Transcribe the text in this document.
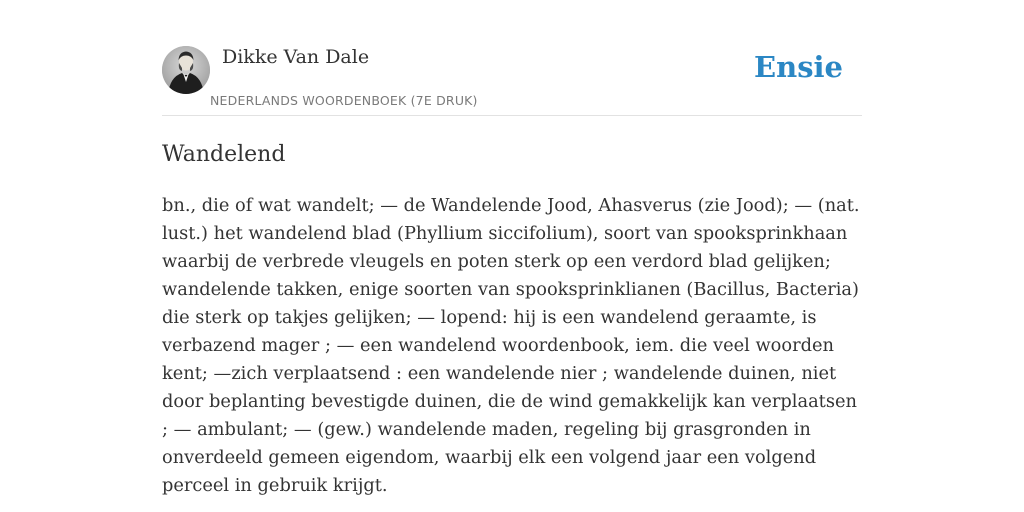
Dikke Van Dale
NEDERLANDS WOORDENBOEK (7E DRUK)
Ensie
Wandelend

bn., die of wat wandelt; — de Wandelende Jood, Ahasverus (zie Jood); — (nat. lust.) het wandelend blad (Phyllium siccifolium), soort van spooksprinkhaan waarbij de verbrede vleugels en poten sterk op een verdord blad gelijken; wandelende takken, enige soorten van spooksprinklianen (Bacillus, Bacteria) die sterk op takjes gelijken; — lopend: hij is een wandelend geraamte, is verbazend mager ; — een wandelend woordenbook, iem. die veel woorden kent; —zich verplaatsend : een wandelende nier ; wandelende duinen, niet door beplanting bevestigde duinen, die de wind gemakkelijk kan verplaatsen ; — ambulant; — (gew.) wandelende maden, regeling bij grasgronden in onverdeeld gemeen eigendom, waarbij elk een volgend jaar een volgend perceel in gebruik krijgt.
